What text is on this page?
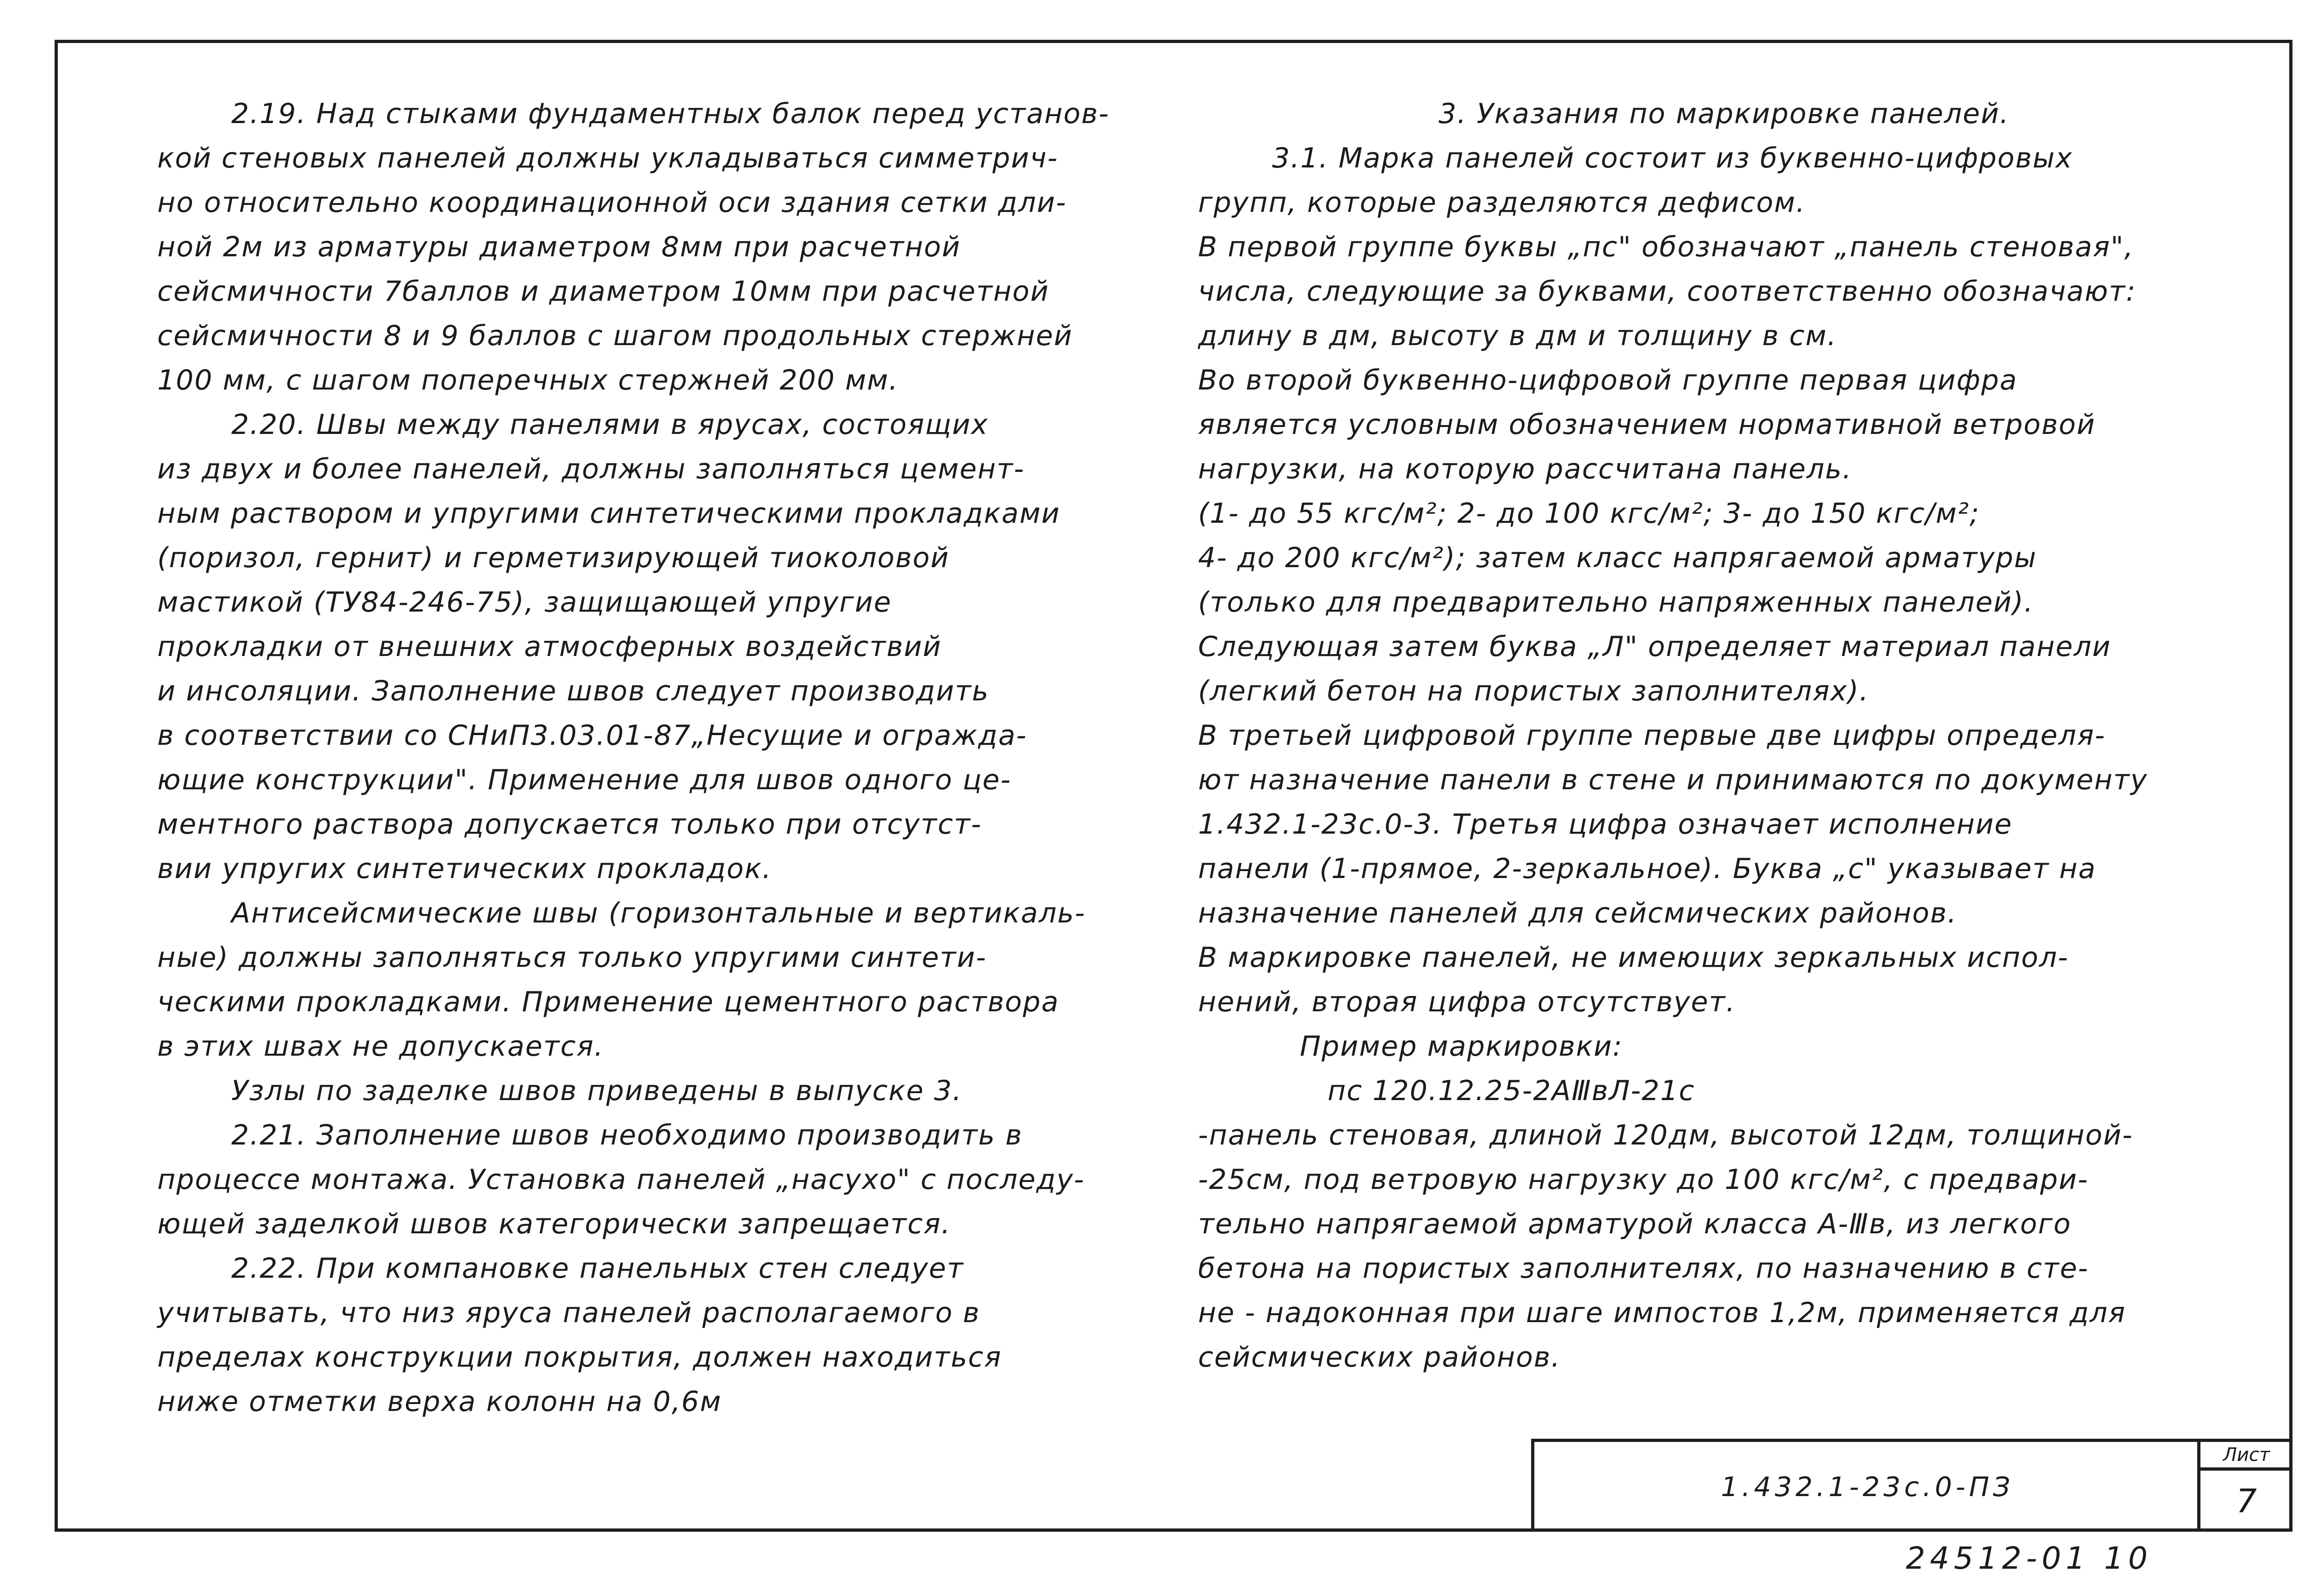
2.19. Над стыками фундаментных балок перед установ-
кой стеновых панелей должны укладываться симметрич-
но относительно координационной оси здания сетки дли-
ной 2м из арматуры диаметром 8мм при расчетной
сейсмичности 7баллов и диаметром 10мм при расчетной
сейсмичности 8 и 9 баллов с шагом продольных стержней
100 мм, с шагом поперечных стержней 200 мм.
2.20. Швы между панелями в ярусах, состоящих
из двух и более панелей, должны заполняться цемент-
ным раствором и упругими синтетическими прокладками
(поризол, гернит) и герметизирующей тиоколовой
мастикой (ТУ84-246-75), защищающей упругие
прокладки от внешних атмосферных воздействий
и инсоляции. Заполнение швов следует производить
в соответствии со СНиП3.03.01-87„Несущие и огражда-
ющие конструкции". Применение для швов одного це-
ментного раствора допускается только при отсутст-
вии упругих синтетических прокладок.
Антисейсмические швы (горизонтальные и вертикаль-
ные) должны заполняться только упругими синтети-
ческими прокладками. Применение цементного раствора
в этих швах не допускается.
Узлы по заделке швов приведены в выпуске 3.
2.21. Заполнение швов необходимо производить в
процессе монтажа. Установка панелей „насухо" с последу-
ющей заделкой швов категорически запрещается.
2.22. При компановке панельных стен следует
учитывать, что низ яруса панелей располагаемого в
пределах конструкции покрытия, должен находиться
ниже отметки верха колонн на 0,6м
3. Указания по маркировке панелей.
3.1. Марка панелей состоит из буквенно-цифровых
групп, которые разделяются дефисом.
В первой группе буквы „пс" обозначают „панель стеновая",
числа, следующие за буквами, соответственно обозначают:
длину в дм, высоту в дм и толщину в см.
Во второй буквенно-цифровой группе первая цифра
является условным обозначением нормативной ветровой
нагрузки, на которую рассчитана панель.
(1- до 55 кгс/м²; 2- до 100 кгс/м²; 3- до 150 кгс/м²;
4- до 200 кгс/м²); затем класс напрягаемой арматуры
(только для предварительно напряженных панелей).
Следующая затем буква „Л" определяет материал панели
(легкий бетон на пористых заполнителях).
В третьей цифровой группе первые две цифры определя-
ют назначение панели в стене и принимаются по документу
1.432.1-23с.0-3. Третья цифра означает исполнение
панели (1-прямое, 2-зеркальное). Буква „с" указывает на
назначение панелей для сейсмических районов.
В маркировке панелей, не имеющих зеркальных испол-
нений, вторая цифра отсутствует.
Пример маркировки:
пс 120.12.25-2АⅢвЛ-21с
-панель стеновая, длиной 120дм, высотой 12дм, толщиной-
-25см, под ветровую нагрузку до 100 кгс/м², с предвари-
тельно напрягаемой арматурой класса А-Ⅲв, из легкого
бетона на пористых заполнителях, по назначению в сте-
не - надоконная при шаге импостов 1,2м, применяется для
сейсмических районов.
1.432.1-23с.0-ПЗ
Лист
7
24512-01 10
